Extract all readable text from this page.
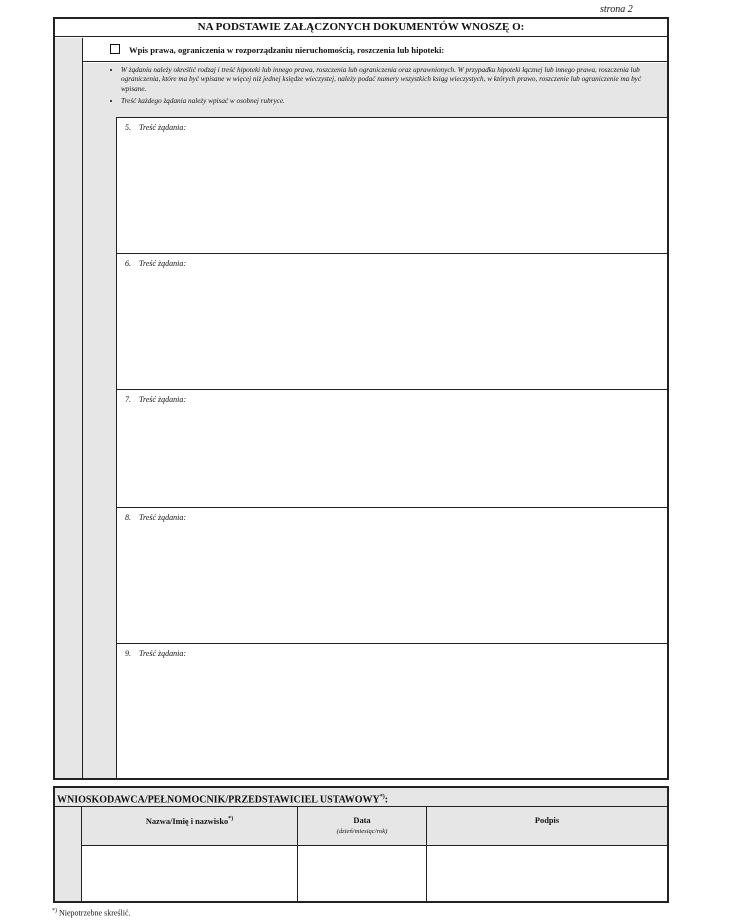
strona 2
NA PODSTAWIE ZAŁĄCZONYCH DOKUMENTÓW WNOSZĘ O:
Wpis prawa, ograniczenia w rozporządzaniu nieruchomością, roszczenia lub hipoteki:
• W żądaniu należy określić rodzaj i treść hipoteki lub innego prawa, roszczenia lub ograniczenia oraz uprawnionych. W przypadku hipoteki łącznej lub innego prawa, roszczenia lub ograniczenia, które ma być wpisane w więcej niż jednej księdze wieczystej, należy podać numery wszystkich ksiąg wieczystych, w których prawo, roszczenie lub ograniczenie ma być wpisane.
• Treść każdego żądania należy wpisać w osobnej rubryce.
5. Treść żądania:
6. Treść żądania:
7. Treść żądania:
8. Treść żądania:
9. Treść żądania:
WNIOSKODAWCA/PEŁNOMOCNIK/PRZEDSTAWICIEL USTAWOWY*):
Nazwa/Imię i nazwisko*)	Data
(dzień/miesiąc/rok)
Podpis
*) Niepotrzebne skreślić.
